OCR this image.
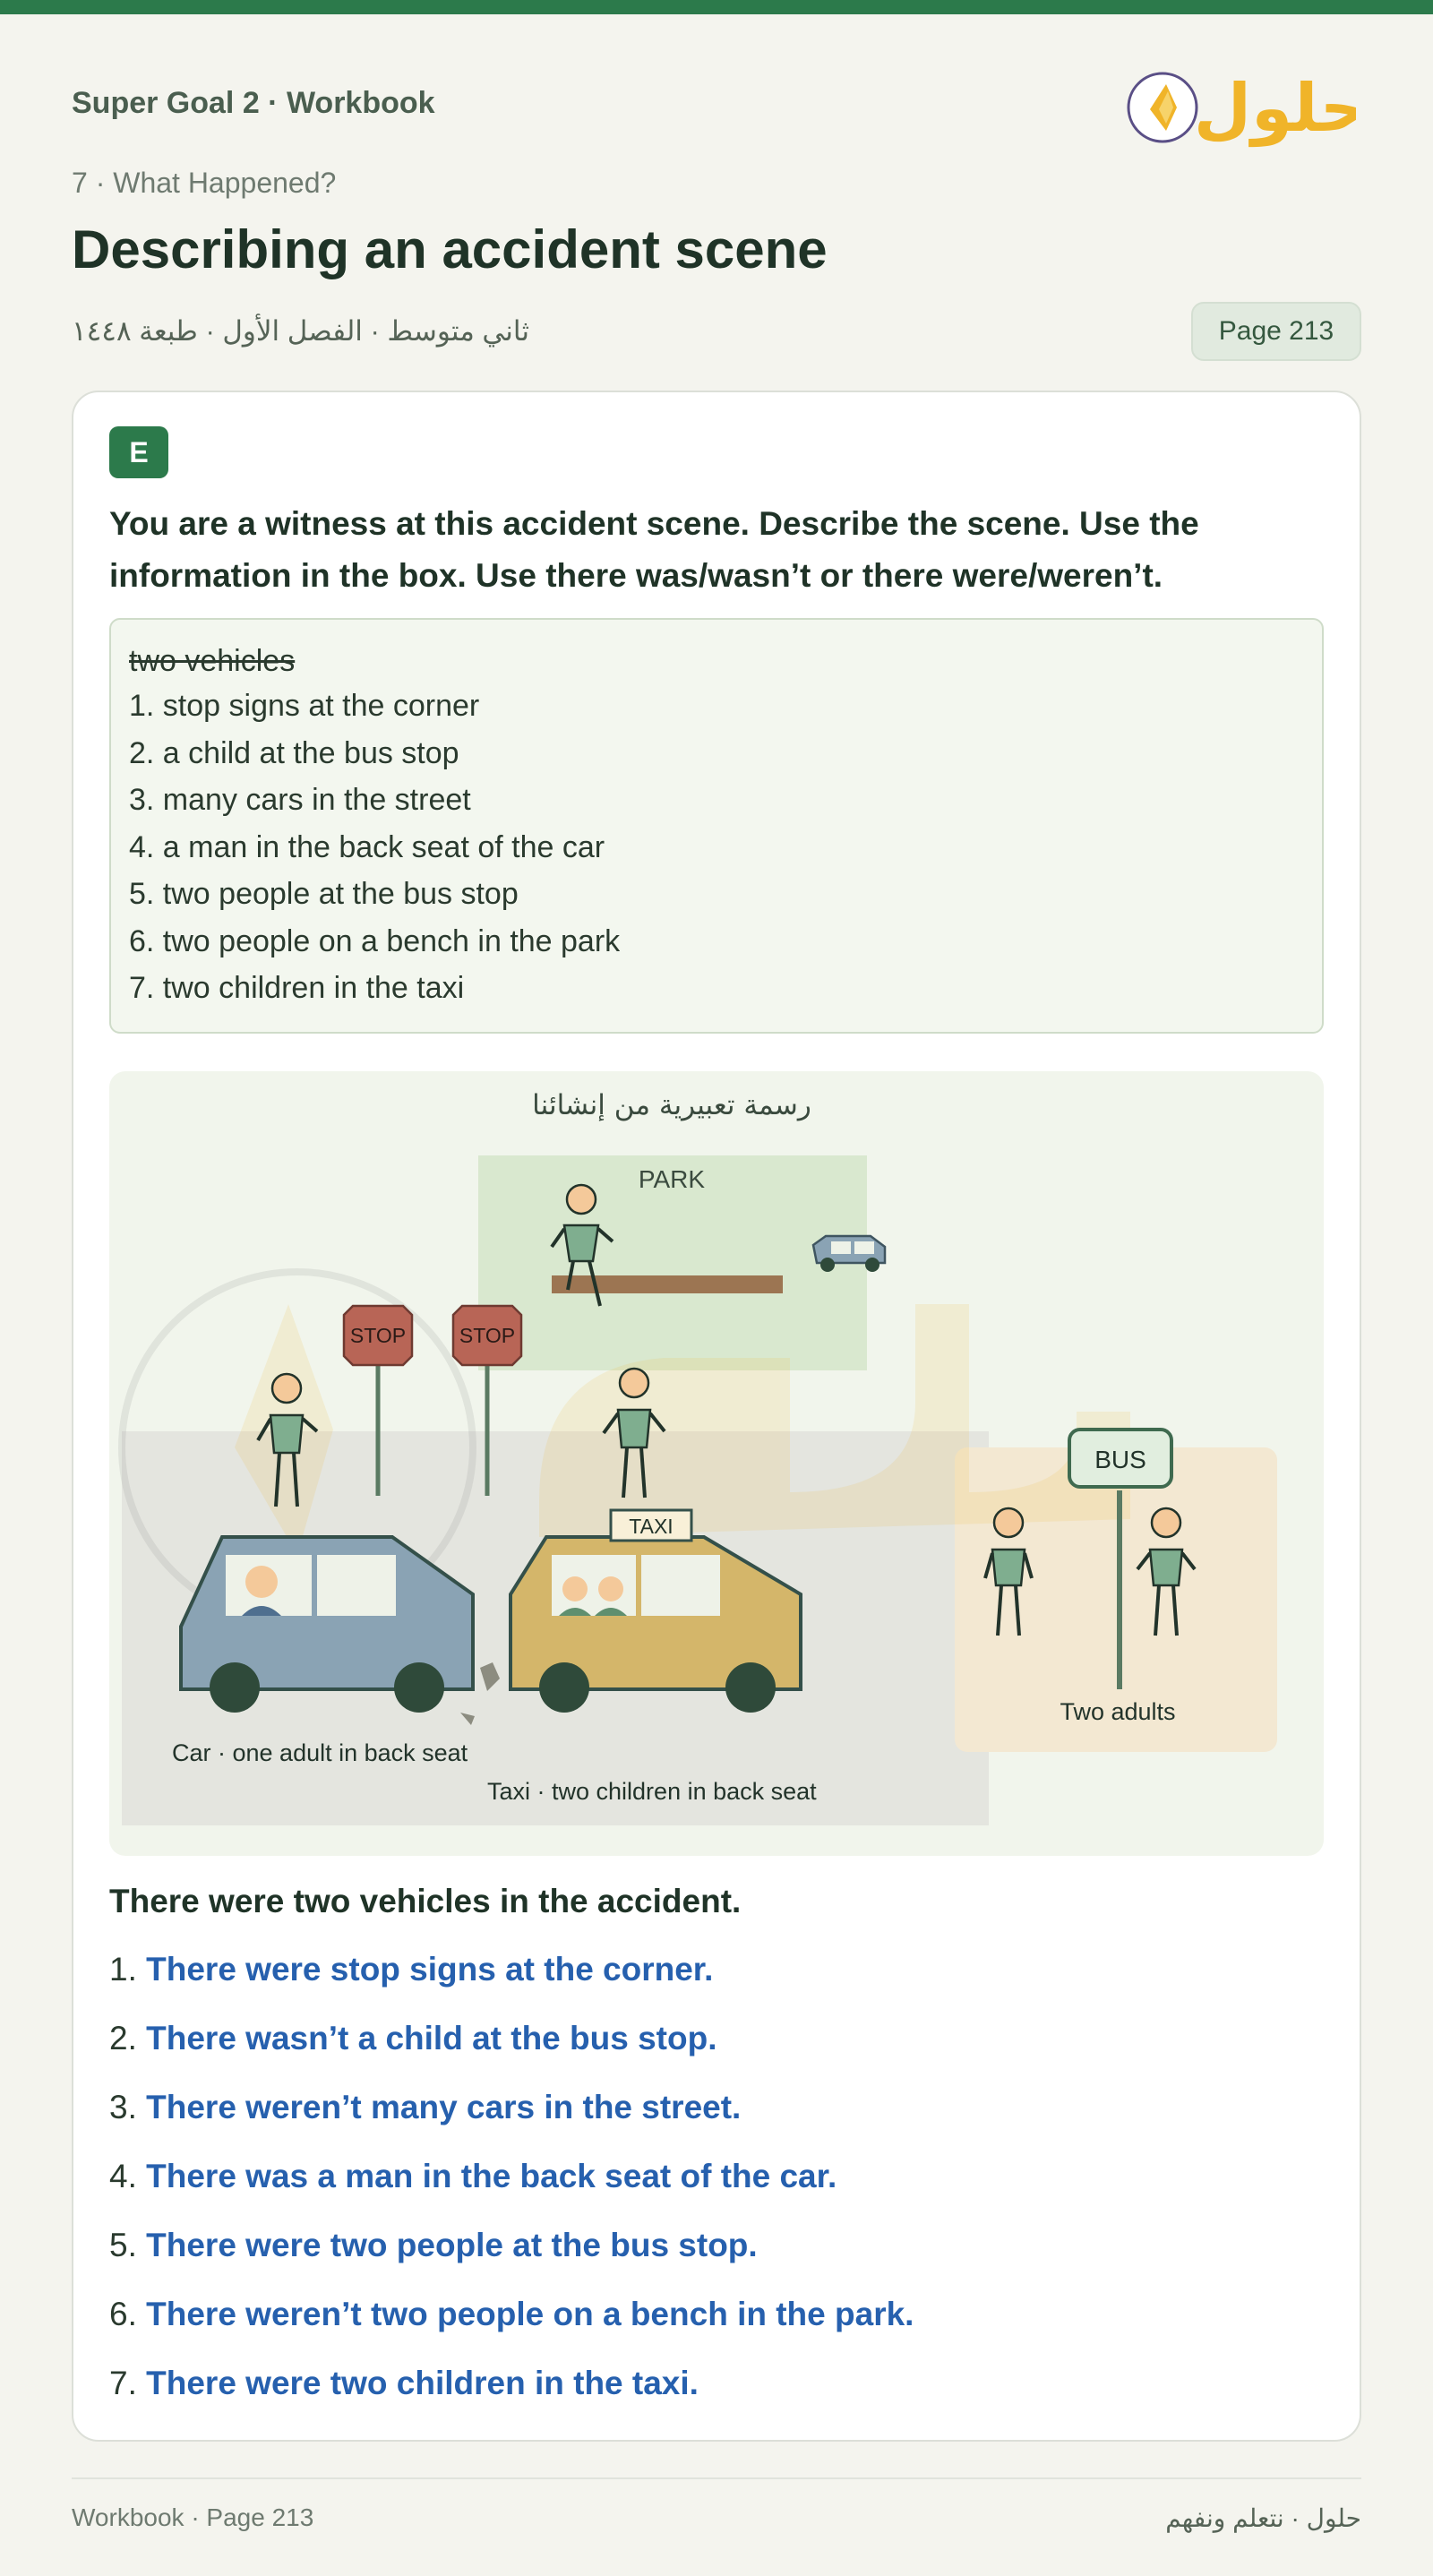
Super Goal 2 · Workbook	حلول
7 · What Happened?
Describing an accident scene
ثاني متوسط · الفصل الأول · طبعة ١٤٤٨	Page 213
E
You are a witness at this accident scene. Describe the scene. Use the information in the box. Use there was/wasn’t or there were/weren’t.
two vehicles
1. stop signs at the corner
2. a child at the bus stop
3. many cars in the street
4. a man in the back seat of the car
5. two people at the bus stop
6. two people on a bench in the park
7. two children in the taxi
رسمة تعبيرية من إنشائنا
PARK
STOP	STOP
TAXI
BUS
Two adults
Car · one adult in back seat
Taxi · two children in back seat
There were two vehicles in the accident.
1. There were stop signs at the corner.
2. There wasn’t a child at the bus stop.
3. There weren’t many cars in the street.
4. There was a man in the back seat of the car.
5. There were two people at the bus stop.
6. There weren’t two people on a bench in the park.
7. There were two children in the taxi.
Workbook · Page 213	حلول · نتعلم ونفهم
